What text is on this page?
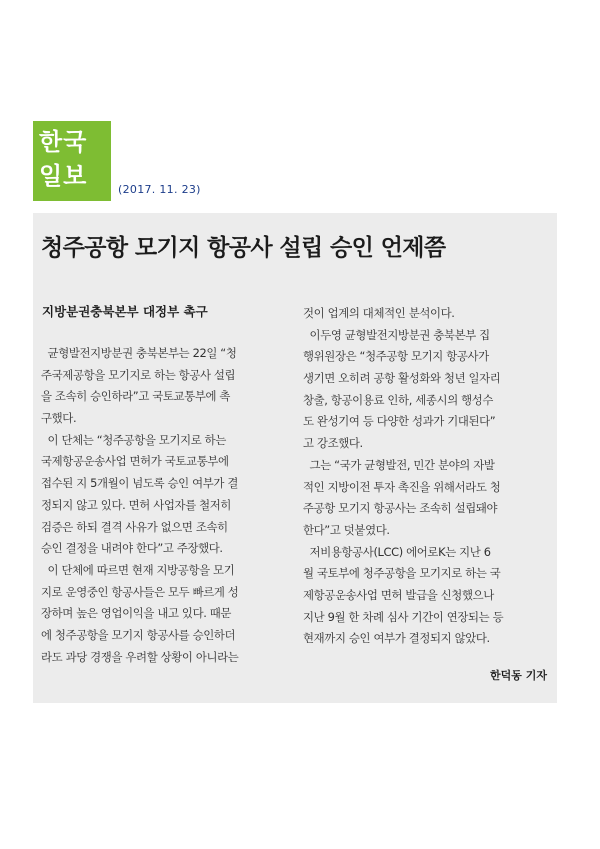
한국
일보	(2017. 11. 23)
청주공항 모기지 항공사 설립 승인 언제쯤
지방분권충북본부 대정부 촉구
균형발전지방분권 충북본부는 22일 “청
주국제공항을 모기지로 하는 항공사 설립
을 조속히 승인하라”고 국토교통부에 촉
구했다.
이 단체는 “청주공항을 모기지로 하는
국제항공운송사업 면허가 국토교통부에
접수된 지 5개월이 넘도록 승인 여부가 결
정되지 않고 있다. 면허 사업자를 철저히
검증은 하되 결격 사유가 없으면 조속히
승인 결정을 내려야 한다”고 주장했다.
이 단체에 따르면 현재 지방공항을 모기
지로 운영중인 항공사들은 모두 빠르게 성
장하며 높은 영업이익을 내고 있다. 때문
에 청주공항을 모기지 항공사를 승인하더
라도 과당 경쟁을 우려할 상황이 아니라는
것이 업계의 대체적인 분석이다.
이두영 균형발전지방분권 충북본부 집
행위원장은 “청주공항 모기지 항공사가
생기면 오히려 공항 활성화와 청년 일자리
창출, 항공이용료 인하, 세종시의 행성수
도 완성기여 등 다양한 성과가 기대된다”
고 강조했다.
그는 “국가 균형발전, 민간 분야의 자발
적인 지방이전 투자 촉진을 위해서라도 청
주공항 모기지 항공사는 조속히 설립돼야
한다”고 덧붙였다.
저비용항공사(LCC) 에어로K는 지난 6
월 국토부에 청주공항을 모기지로 하는 국
제항공운송사업 면허 발급을 신청했으나
지난 9월 한 차례 심사 기간이 연장되는 등
현재까지 승인 여부가 결정되지 않았다.
한덕동 기자
